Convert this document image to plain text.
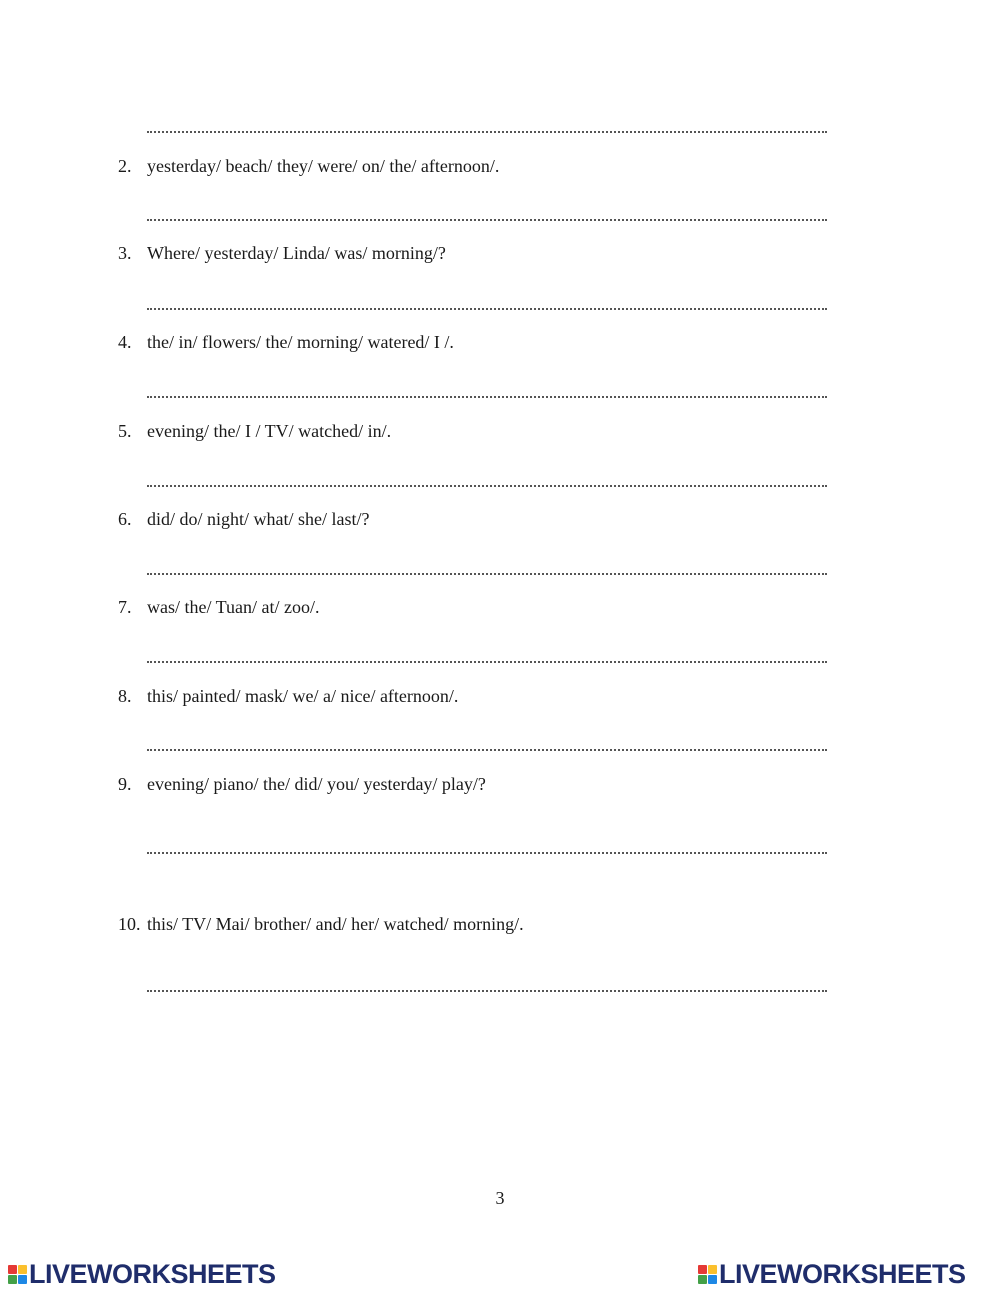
2. yesterday/ beach/ they/ were/ on/ the/ afternoon/.
3. Where/ yesterday/ Linda/ was/ morning/?
4. the/ in/ flowers/ the/ morning/ watered/ I /.
5. evening/ the/ I / TV/ watched/ in/.
6. did/ do/ night/ what/ she/ last/?
7. was/ the/ Tuan/ at/ zoo/.
8. this/ painted/ mask/ we/ a/ nice/ afternoon/.
9. evening/ piano/ the/ did/ you/ yesterday/ play/?
10. this/ TV/ Mai/ brother/ and/ her/ watched/ morning/.
3
LIVEWORKSHEETS	LIVEWORKSHEETS
